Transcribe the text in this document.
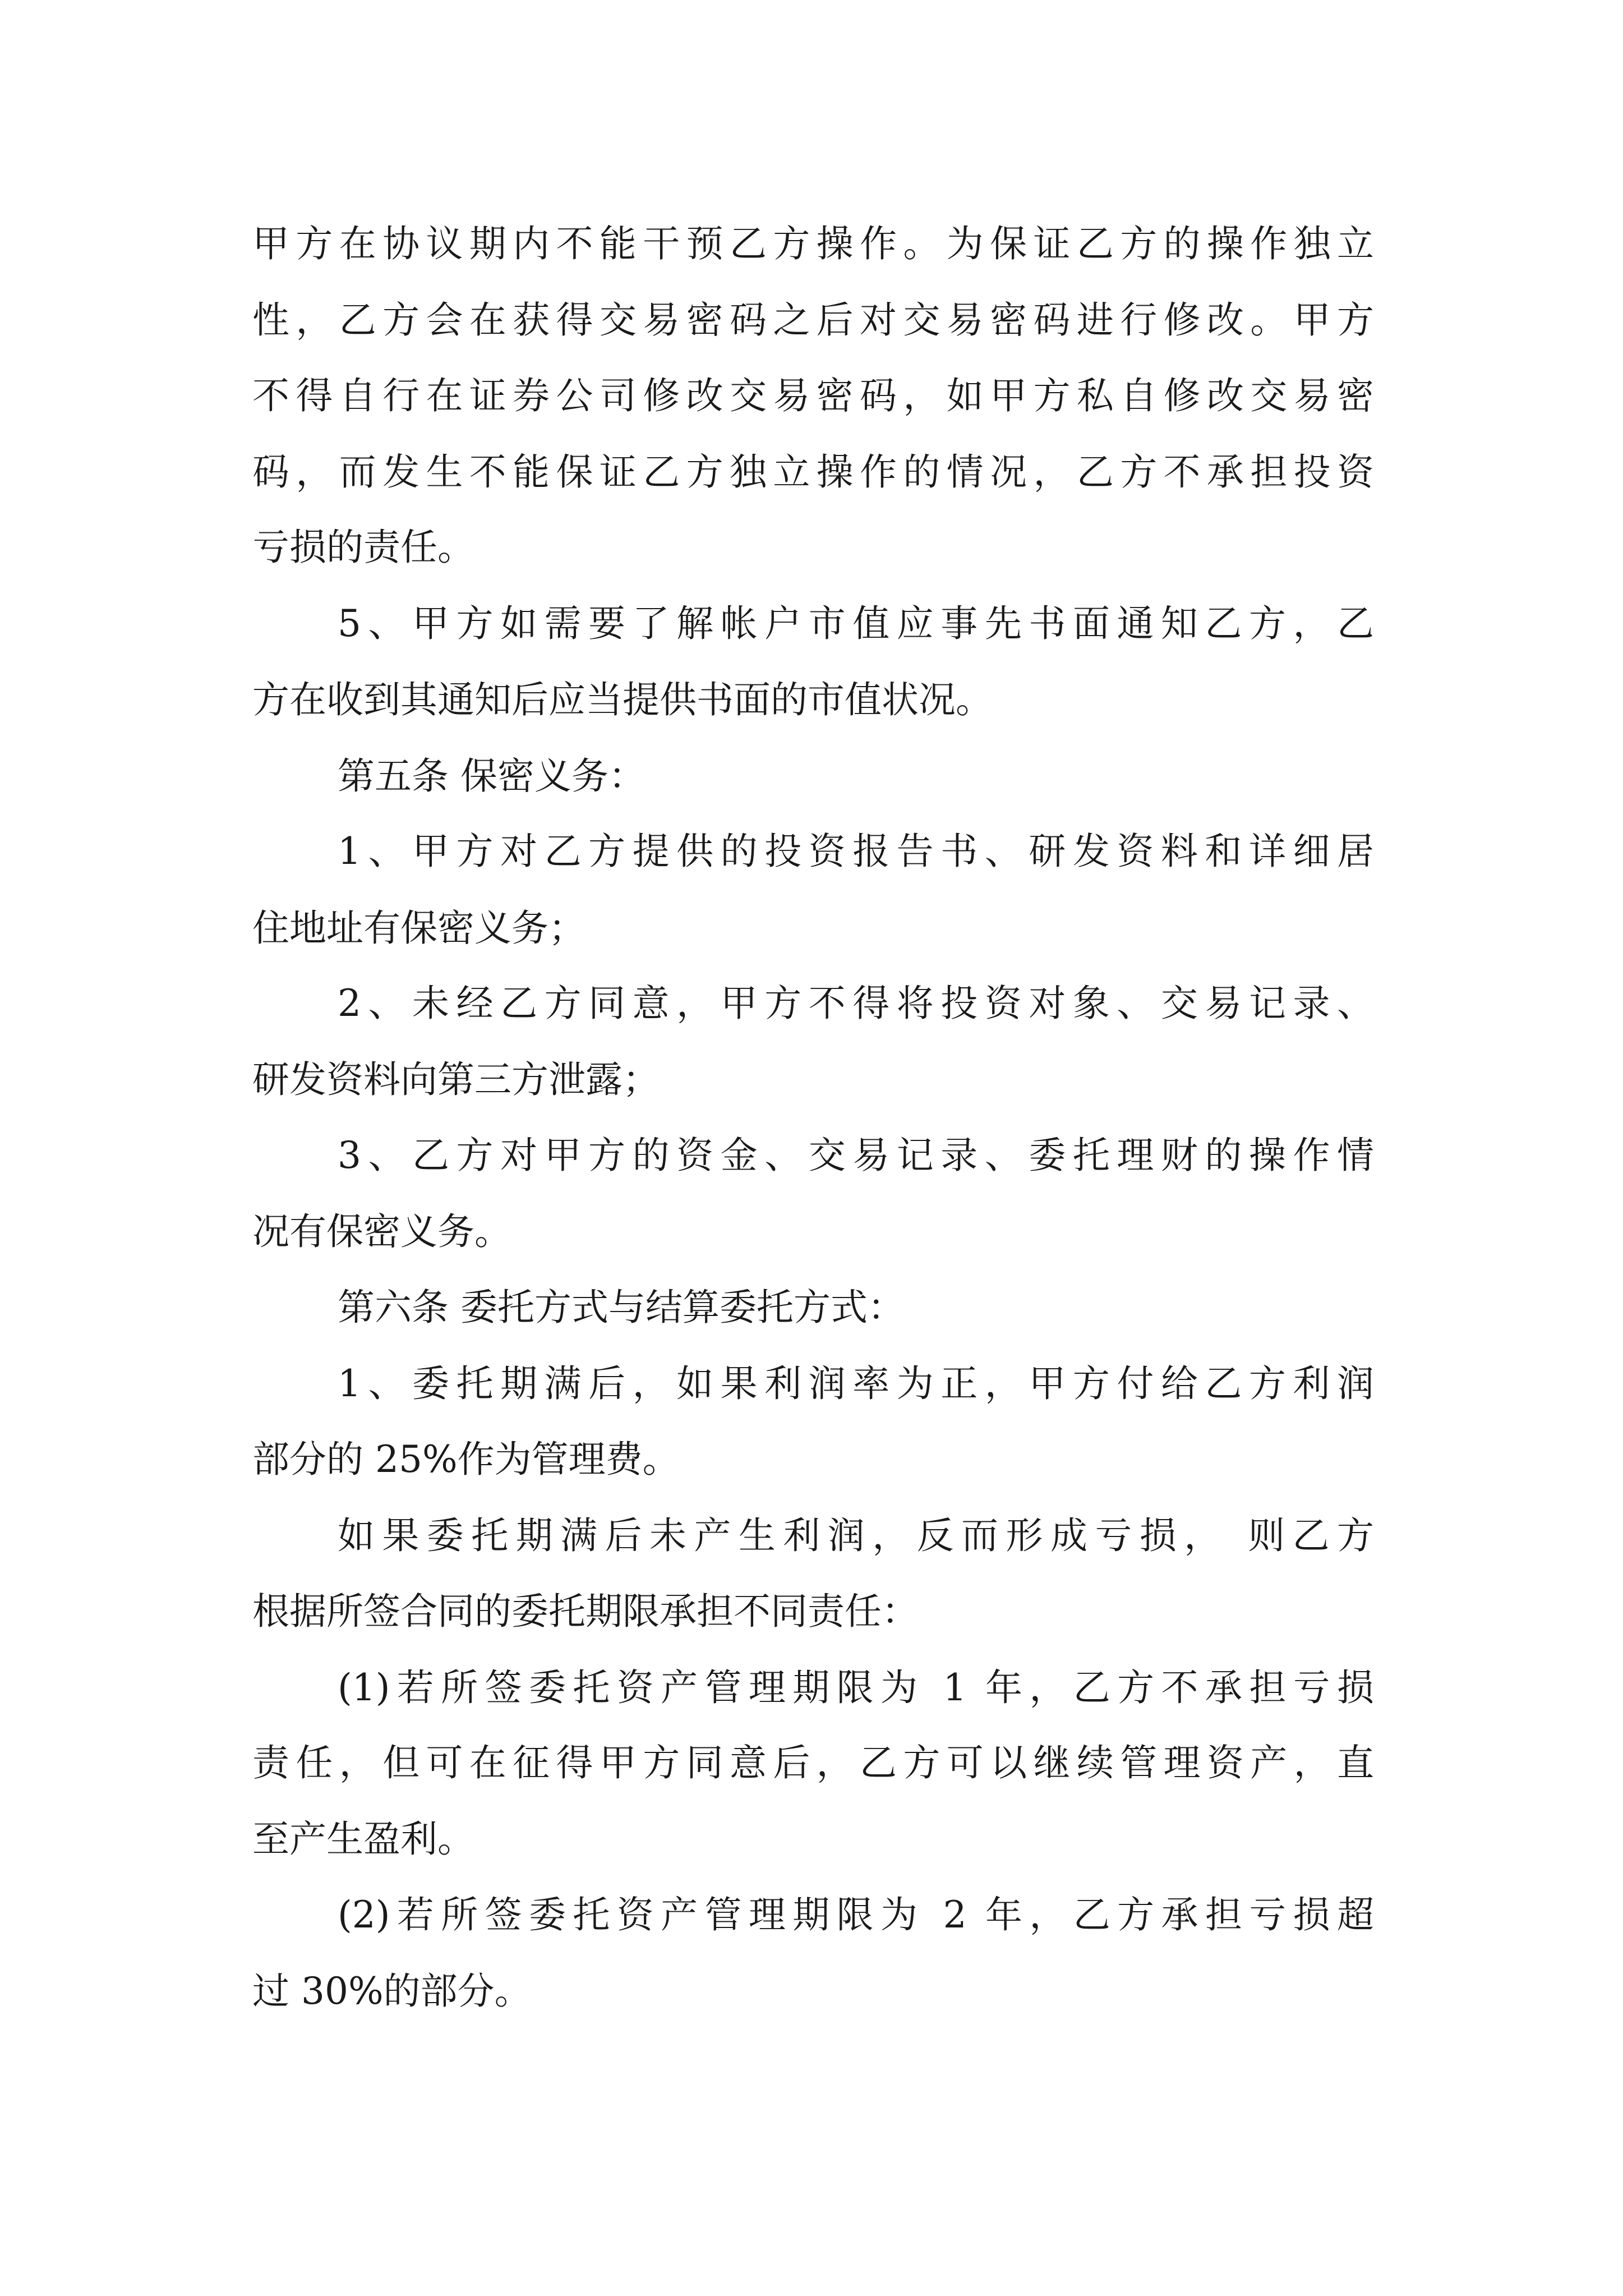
甲方在协议期内不能干预乙方操作。为保证乙方的操作独立
性，乙方会在获得交易密码之后对交易密码进行修改。甲方
不得自行在证券公司修改交易密码，如甲方私自修改交易密
码，而发生不能保证乙方独立操作的情况，乙方不承担投资
亏损的责任。
5、甲方如需要了解帐户市值应事先书面通知乙方，乙
方在收到其通知后应当提供书面的市值状况。
第五条 保密义务：
1、甲方对乙方提供的投资报告书、研发资料和详细居
住地址有保密义务；
2、未经乙方同意，甲方不得将投资对象、交易记录、
研发资料向第三方泄露；
3、乙方对甲方的资金、交易记录、委托理财的操作情
况有保密义务。
第六条 委托方式与结算委托方式：
1、委托期满后，如果利润率为正，甲方付给乙方利润
部分的 25%作为管理费。
如果委托期满后未产生利润，反而形成亏损， 则乙方
根据所签合同的委托期限承担不同责任：
(1)若所签委托资产管理期限为 1 年，乙方不承担亏损
责任，但可在征得甲方同意后，乙方可以继续管理资产，直
至产生盈利。
(2)若所签委托资产管理期限为 2 年，乙方承担亏损超
过 30%的部分。
